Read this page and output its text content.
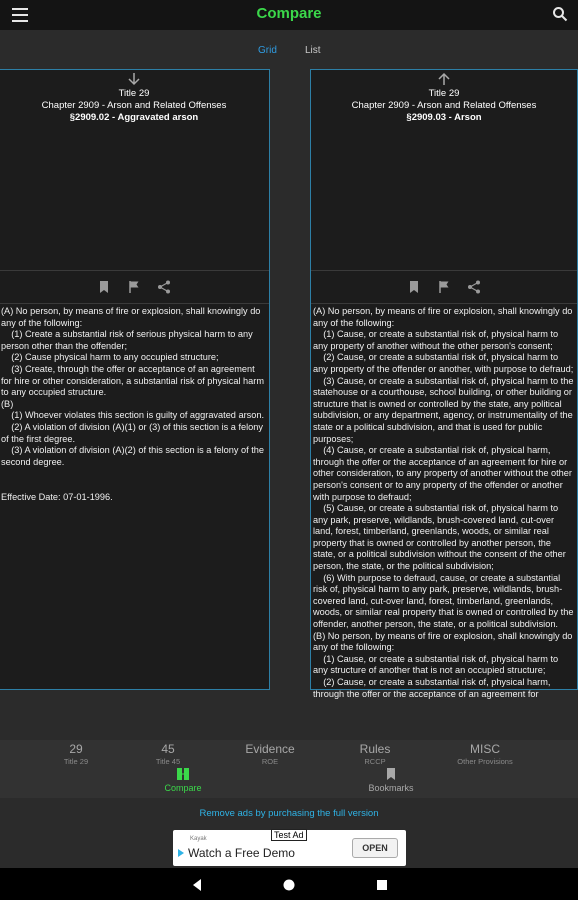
Compare
Grid	List
Title 29
Chapter 2909 - Arson and Related Offenses
§2909.02 - Aggravated arson

(A) No person, by means of fire or explosion, shall knowingly do any of the following:
(1) Create a substantial risk of serious physical harm to any person other than the offender;
(2) Cause physical harm to any occupied structure;
(3) Create, through the offer or acceptance of an agreement for hire or other consideration, a substantial risk of physical harm to any occupied structure.
(B)
(1) Whoever violates this section is guilty of aggravated arson.
(2) A violation of division (A)(1) or (3) of this section is a felony of the first degree.
(3) A violation of division (A)(2) of this section is a felony of the second degree.

Effective Date: 07-01-1996.
Title 29
Chapter 2909 - Arson and Related Offenses
§2909.03 - Arson

(A) No person, by means of fire or explosion, shall knowingly do any of the following:
(1) Cause, or create a substantial risk of, physical harm to any property of another without the other person's consent;
(2) Cause, or create a substantial risk of, physical harm to any property of the offender or another, with purpose to defraud;
(3) Cause, or create a substantial risk of, physical harm to the statehouse or a courthouse, school building, or other building or structure that is owned or controlled by the state, any political subdivision, or any department, agency, or instrumentality of the state or a political subdivision, and that is used for public purposes;
(4) Cause, or create a substantial risk of, physical harm, through the offer or the acceptance of an agreement for hire or other consideration, to any property of another without the other person's consent or to any property of the offender or another with purpose to defraud;
(5) Cause, or create a substantial risk of, physical harm to any park, preserve, wildlands, brush-covered land, cut-over land, forest, timberland, greenlands, woods, or similar real property that is owned or controlled by another person, the state, or a political subdivision without the consent of the other person, the state, or the political subdivision;
(6) With purpose to defraud, cause, or create a substantial risk of, physical harm to any park, preserve, wildlands, brush-covered land, cut-over land, forest, timberland, greenlands, woods, or similar real property that is owned or controlled by the offender, another person, the state, or a political subdivision.
(B) No person, by means of fire or explosion, shall knowingly do any of the following:
(1) Cause, or create a substantial risk of, physical harm to any structure of another that is not an occupied structure;
(2) Cause, or create a substantial risk of, physical harm, through the offer or the acceptance of an agreement for
29
Title 29
45
Title 45
Evidence
ROE
Rules
RCCP
MISC
Other Provisions
Compare	Bookmarks
Remove ads by purchasing the full version
Test Ad
Kayak
Watch a Free Demo	OPEN
